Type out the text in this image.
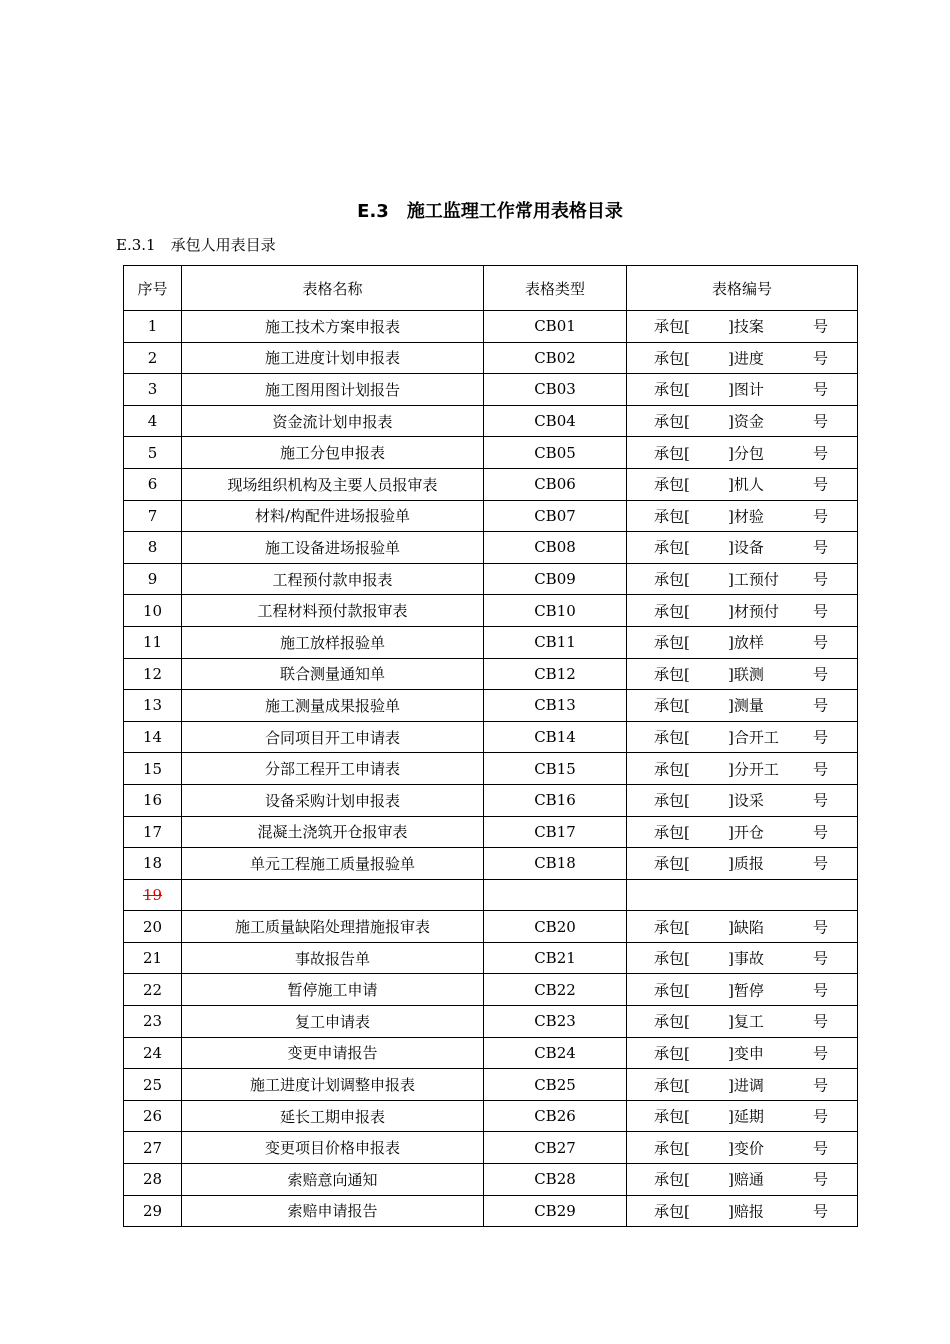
E.3　施工监理工作常用表格目录
E.3.1　承包人用表目录
序号	表格名称	表格类型	表格编号
1	施工技术方案申报表	CB01	承包[ ]技案 号

2	施工进度计划申报表	CB02	承包[ ]进度 号

3	施工图用图计划报告	CB03	承包[ ]图计 号

4	资金流计划申报表	CB04	承包[ ]资金 号

5	施工分包申报表	CB05	承包[ ]分包 号

6	现场组织机构及主要人员报审表	CB06	承包[ ]机人 号

7	材料/构配件进场报验单	CB07	承包[ ]材验 号

8	施工设备进场报验单	CB08	承包[ ]设备 号

9	工程预付款申报表	CB09	承包[ ]工预付 号

10	工程材料预付款报审表	CB10	承包[ ]材预付 号

11	施工放样报验单	CB11	承包[ ]放样 号

12	联合测量通知单	CB12	承包[ ]联测 号

13	施工测量成果报验单	CB13	承包[ ]测量 号

14	合同项目开工申请表	CB14	承包[ ]合开工 号

15	分部工程开工申请表	CB15	承包[ ]分开工 号

16	设备采购计划申报表	CB16	承包[ ]设采 号

17	混凝土浇筑开仓报审表	CB17	承包[ ]开仓 号

18	单元工程施工质量报验单	CB18	承包[ ]质报 号

19			
20	施工质量缺陷处理措施报审表	CB20	承包[ ]缺陷 号

21	事故报告单	CB21	承包[ ]事故 号

22	暂停施工申请	CB22	承包[ ]暂停 号

23	复工申请表	CB23	承包[ ]复工 号

24	变更申请报告	CB24	承包[ ]变申 号

25	施工进度计划调整申报表	CB25	承包[ ]进调 号

26	延长工期申报表	CB26	承包[ ]延期 号

27	变更项目价格申报表	CB27	承包[ ]变价 号

28	索赔意向通知	CB28	承包[ ]赔通 号

29	索赔申请报告	CB29	承包[ ]赔报 号
